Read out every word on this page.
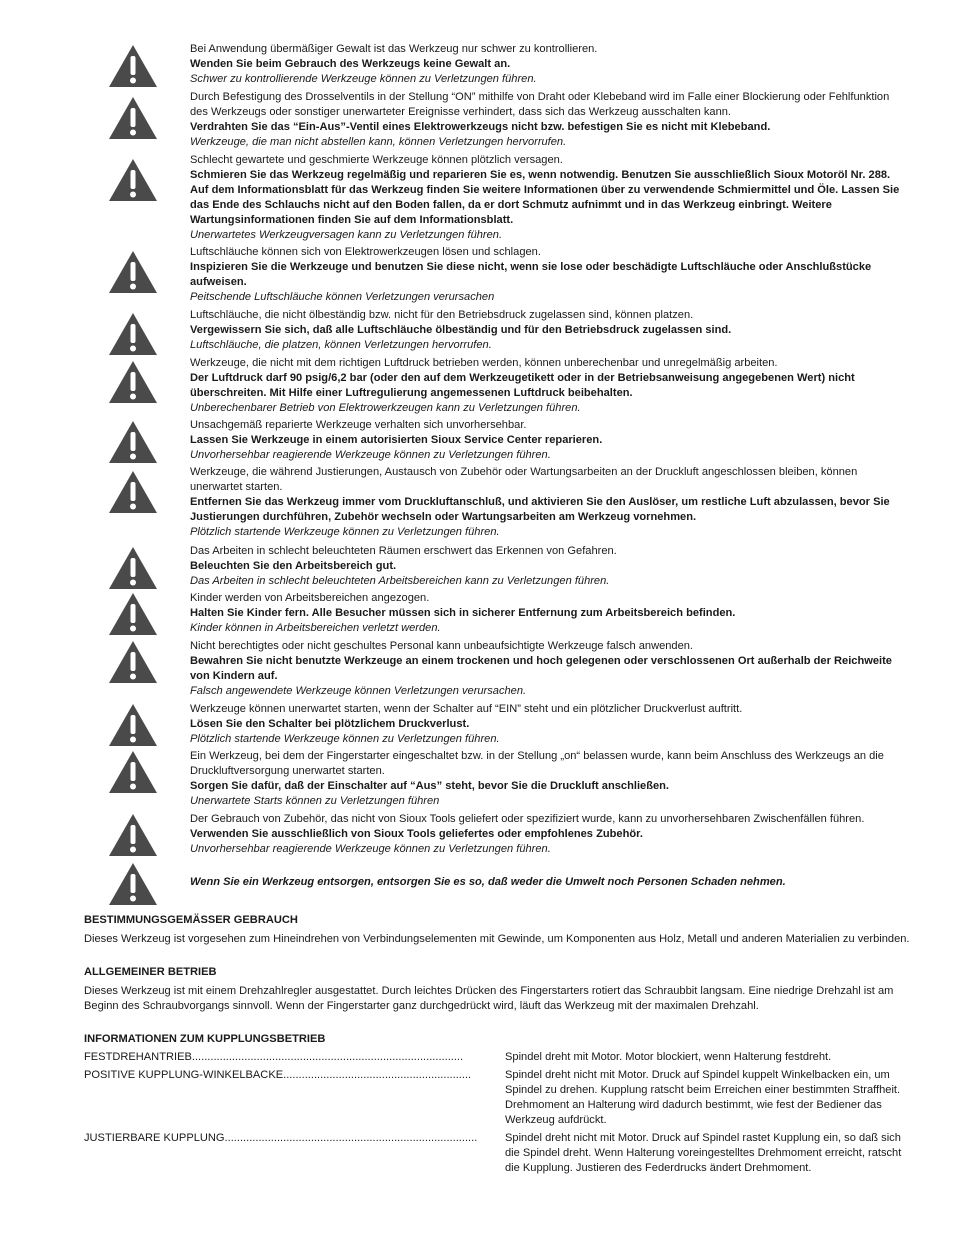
Bei Anwendung übermäßiger Gewalt ist das Werkzeug nur schwer zu kontrollieren.

Wenden Sie beim Gebrauch des Werkzeugs keine Gewalt an.

Schwer zu kontrollierende Werkzeuge können zu Verletzungen führen.

Durch Befestigung des Drosselventils in der Stellung “ON” mithilfe von Draht oder Klebeband wird im Falle einer Blockierung oder Fehlfunktion des Werkzeugs oder sonstiger unerwarteter Ereignisse verhindert, dass sich das Werkzeug ausschalten kann.

Verdrahten Sie das “Ein-Aus”-Ventil eines Elektrowerkzeugs nicht bzw. befestigen Sie es nicht mit Klebeband.

Werkzeuge, die man nicht abstellen kann, können Verletzungen hervorrufen.

Schlecht gewartete und geschmierte Werkzeuge können plötzlich versagen.

Schmieren Sie das Werkzeug regelmäßig und reparieren Sie es, wenn notwendig. Benutzen Sie ausschließlich Sioux Motoröl Nr. 288. Auf dem Informationsblatt für das Werkzeug finden Sie weitere Informationen über zu verwendende Schmiermittel und Öle. Lassen Sie das Ende des Schlauchs nicht auf den Boden fallen, da er dort Schmutz aufnimmt und in das Werkzeug einbringt. Weitere Wartungsinformationen finden Sie auf dem Informationsblatt.

Unerwartetes Werkzeugversagen kann zu Verletzungen führen.

Luftschläuche können sich von Elektrowerkzeugen lösen und schlagen.

Inspizieren Sie die Werkzeuge und benutzen Sie diese nicht, wenn sie lose oder beschädigte Luftschläuche oder Anschlußstücke aufweisen.

Peitschende Luftschläuche können Verletzungen verursachen

Luftschläuche, die nicht ölbeständig bzw. nicht für den Betriebsdruck zugelassen sind, können platzen.

Vergewissern Sie sich, daß alle Luftschläuche ölbeständig und für den Betriebsdruck zugelassen sind.

Luftschläuche, die platzen, können Verletzungen hervorrufen.

Werkzeuge, die nicht mit dem richtigen Luftdruck betrieben werden, können unberechenbar und unregelmäßig arbeiten.

Der Luftdruck darf 90 psig/6,2 bar (oder den auf dem Werkzeugetikett oder in der Betriebsanweisung angegebenen Wert) nicht überschreiten. Mit Hilfe einer Luftregulierung angemessenen Luftdruck beibehalten.

Unberechenbarer Betrieb von Elektrowerkzeugen kann zu Verletzungen führen.

Unsachgemäß reparierte Werkzeuge verhalten sich unvorhersehbar.

Lassen Sie Werkzeuge in einem autorisierten Sioux Service Center reparieren.

Unvorhersehbar reagierende Werkzeuge können zu Verletzungen führen.

Werkzeuge, die während Justierungen, Austausch von Zubehör oder Wartungsarbeiten an der Druckluft angeschlossen bleiben, können unerwartet starten.

Entfernen Sie das Werkzeug immer vom Druckluftanschluß, und aktivieren Sie den Auslöser, um restliche Luft abzulassen, bevor Sie Justierungen durchführen, Zubehör wechseln oder Wartungsarbeiten am Werkzeug vornehmen.

Plötzlich startende Werkzeuge können zu Verletzungen führen.

Das Arbeiten in schlecht beleuchteten Räumen erschwert das Erkennen von Gefahren.

Beleuchten Sie den Arbeitsbereich gut.

Das Arbeiten in schlecht beleuchteten Arbeitsbereichen kann zu Verletzungen führen.

Kinder werden von Arbeitsbereichen angezogen.

Halten Sie Kinder fern. Alle Besucher müssen sich in sicherer Entfernung zum Arbeitsbereich befinden.

Kinder können in Arbeitsbereichen verletzt werden.

Nicht berechtigtes oder nicht geschultes Personal kann unbeaufsichtigte Werkzeuge falsch anwenden.

Bewahren Sie nicht benutzte Werkzeuge an einem trockenen und hoch gelegenen oder verschlossenen Ort außerhalb der Reichweite von Kindern auf.

Falsch angewendete Werkzeuge können Verletzungen verursachen.

Werkzeuge können unerwartet starten, wenn der Schalter auf “EIN” steht und ein plötzlicher Druckverlust auftritt.

Lösen Sie den Schalter bei plötzlichem Druckverlust.

Plötzlich startende Werkzeuge können zu Verletzungen führen.

Ein Werkzeug, bei dem der Fingerstarter eingeschaltet bzw. in der Stellung „on“ belassen wurde, kann beim Anschluss des Werkzeugs an die Druckluftversorgung unerwartet starten.

Sorgen Sie dafür, daß der Einschalter auf “Aus” steht, bevor Sie die Druckluft anschließen.

Unerwartete Starts können zu Verletzungen führen

Der Gebrauch von Zubehör, das nicht von Sioux Tools geliefert oder spezifiziert wurde, kann zu unvorhersehbaren Zwischenfällen führen.

Verwenden Sie ausschließlich von Sioux Tools geliefertes oder empfohlenes Zubehör.

Unvorhersehbar reagierende Werkzeuge können zu Verletzungen führen.

Wenn Sie ein Werkzeug entsorgen, entsorgen Sie es so, daß weder die Umwelt noch Personen Schaden nehmen.

BESTIMMUNGSGEMÄSSER GEBRAUCH

Dieses Werkzeug ist vorgesehen zum Hineindrehen von Verbindungselementen mit Gewinde, um Komponenten aus Holz, Metall und anderen Materialien zu verbinden.

ALLGEMEINER BETRIEB

Dieses Werkzeug ist mit einem Drehzahlregler ausgestattet. Durch leichtes Drücken des Fingerstarters rotiert das Schraubbit langsam. Eine niedrige Drehzahl ist am Beginn des Schraubvorgangs sinnvoll. Wenn der Fingerstarter ganz durchgedrückt wird, läuft das Werkzeug mit der maximalen Drehzahl.

INFORMATIONEN ZUM KUPPLUNGSBETRIEB
FESTDREHANTRIEB........................................................................................	Spindel dreht mit Motor. Motor blockiert, wenn Halterung festdreht.
POSITIVE KUPPLUNG-WINKELBACKE.............................................................	Spindel dreht nicht mit Motor. Druck auf Spindel kuppelt Winkelbacken ein, um Spindel zu drehen. Kupplung ratscht beim Erreichen einer bestimmten Straffheit. Drehmoment an Halterung wird dadurch bestimmt, wie fest der Bediener das Werkzeug aufdrückt.
JUSTIERBARE KUPPLUNG..................................................................................	Spindel dreht nicht mit Motor. Druck auf Spindel rastet Kupplung ein, so daß sich die Spindel dreht. Wenn Halterung voreingestelltes Drehmoment erreicht, ratscht die Kupplung. Justieren des Federdrucks ändert Drehmoment.
